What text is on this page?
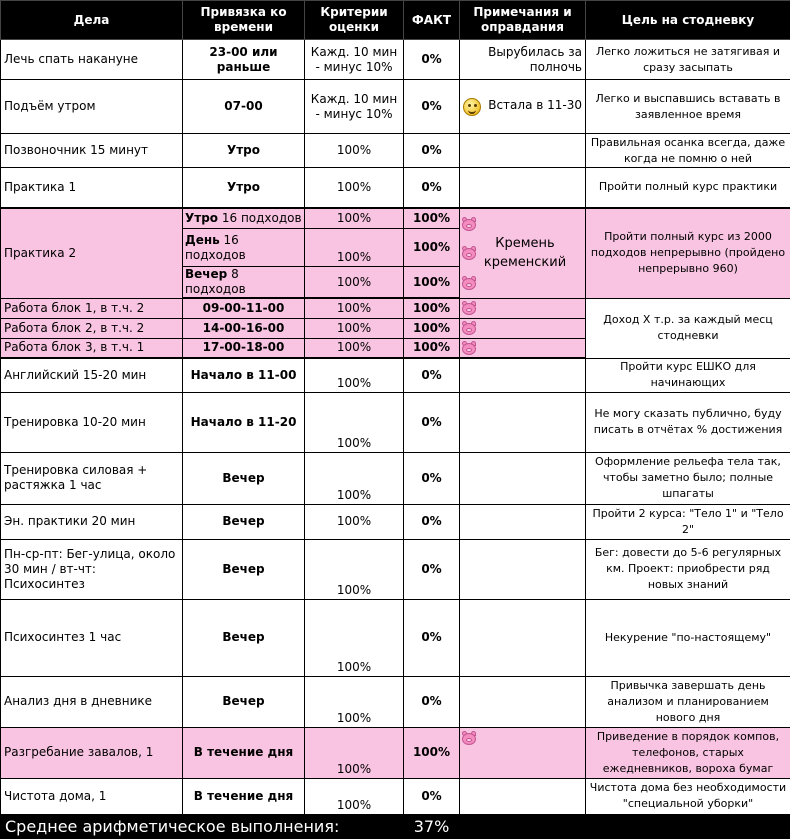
Дела	Привязка ко времени	Критерии оценки	ФАКТ	Примечания и оправдания	Цель на стодневку
Лечь спать накануне	23-00 или раньше	Кажд. 10 мин - минус 10%	0%	Вырубилась за полночь	Легко ложиться не затягивая и сразу засыпать
Подъём утром	07-00	Кажд. 10 мин - минус 10%	0%	Встала в 11-30	Легко и выспавшись вставать в заявленное время
Позвоночник 15 минут	Утро	100%	0%		Правильная осанка всегда, даже когда не помню о ней
Практика 1	Утро	100%	0%		Пройти полный курс практики
Практика 2	Утро 16 подходов	100%	100%	Кремень кременский	Пройти полный курс из 2000 подходов непрерывно (пройдено непрерывно 960)
	День 16 подходов	100%	100%		
	Вечер 8 подходов	100%	100%		
Работа блок 1, в т.ч. 2	09-00-11-00	100%	100%		Доход Х т.р. за каждый месц стодневки
Работа блок 2, в т.ч. 2	14-00-16-00	100%	100%		

Работа блок 3, в т.ч. 1	17-00-18-00	100%	100%		

Английский 15-20 мин	Начало в 11-00	100%	0%		Пройти курс ЕШКО для начинающих
Тренировка 10-20 мин	Начало в 11-20	100%	0%		Не могу сказать публично, буду писать в отчётах % достижения
Тренировка силовая + растяжка 1 час	Вечер	100%	0%		Оформление рельефа тела так, чтобы заметно было; полные шпагаты
Эн. практики 20 мин	Вечер	100%	0%		Пройти 2 курса: "Тело 1" и "Тело 2"
Пн-ср-пт: Бег-улица, около 30 мин / вт-чт: Психосинтез	Вечер	100%	0%		Бег: довести до 5-6 регулярных км. Проект: приобрести ряд новых знаний
Психосинтез 1 час	Вечер	100%	0%		Некурение "по-настоящему"
Анализ дня в дневнике	Вечер	100%	0%		Привычка завершать день анализом и планированием нового дня
Разгребание завалов, 1	В течение дня	100%	100%		Приведение в порядок компов, телефонов, старых ежедневников, вороха бумаг
Чистота дома, 1	В течение дня	100%	0%		Чистота дома без необходимости "специальной уборки"
Среднее арифметическое выполнения:			37%		
